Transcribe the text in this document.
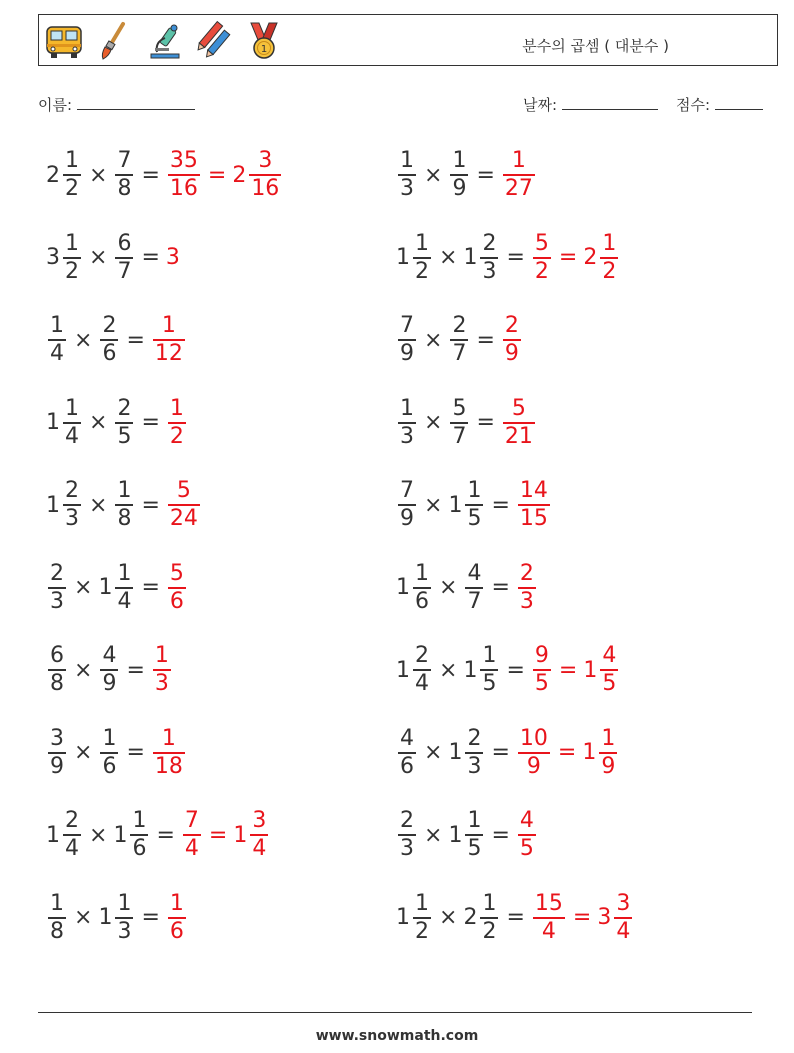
1	분수의 곱셈 ( 대분수 )
이름:	날짜:	점수:
$2 \frac{1}{2} \times \frac{7}{8} = \frac{35}{16} = 2 \frac{3}{16}$	$\frac{1}{3} \times \frac{1}{9} = \frac{1}{27}$
$3 \frac{1}{2} \times \frac{6}{7} = 3$	$1 \frac{1}{2} \times 1 \frac{2}{3} = \frac{5}{2} = 2 \frac{1}{2}$
$\frac{1}{4} \times \frac{2}{6} = \frac{1}{12}$	$\frac{7}{9} \times \frac{2}{7} = \frac{2}{9}$
$1 \frac{1}{4} \times \frac{2}{5} = \frac{1}{2}$	$\frac{1}{3} \times \frac{5}{7} = \frac{5}{21}$
$1 \frac{2}{3} \times \frac{1}{8} = \frac{5}{24}$	$\frac{7}{9} \times 1 \frac{1}{5} = \frac{14}{15}$
$\frac{2}{3} \times 1 \frac{1}{4} = \frac{5}{6}$	$1 \frac{1}{6} \times \frac{4}{7} = \frac{2}{3}$
$\frac{6}{8} \times \frac{4}{9} = \frac{1}{3}$	$1 \frac{2}{4} \times 1 \frac{1}{5} = \frac{9}{5} = 1 \frac{4}{5}$
$\frac{3}{9} \times \frac{1}{6} = \frac{1}{18}$	$\frac{4}{6} \times 1 \frac{2}{3} = \frac{10}{9} = 1 \frac{1}{9}$
$1 \frac{2}{4} \times 1 \frac{1}{6} = \frac{7}{4} = 1 \frac{3}{4}$	$\frac{2}{3} \times 1 \frac{1}{5} = \frac{4}{5}$
$\frac{1}{8} \times 1 \frac{1}{3} = \frac{1}{6}$	$1 \frac{1}{2} \times 2 \frac{1}{2} = \frac{15}{4} = 3 \frac{3}{4}$
www.snowmath.com
